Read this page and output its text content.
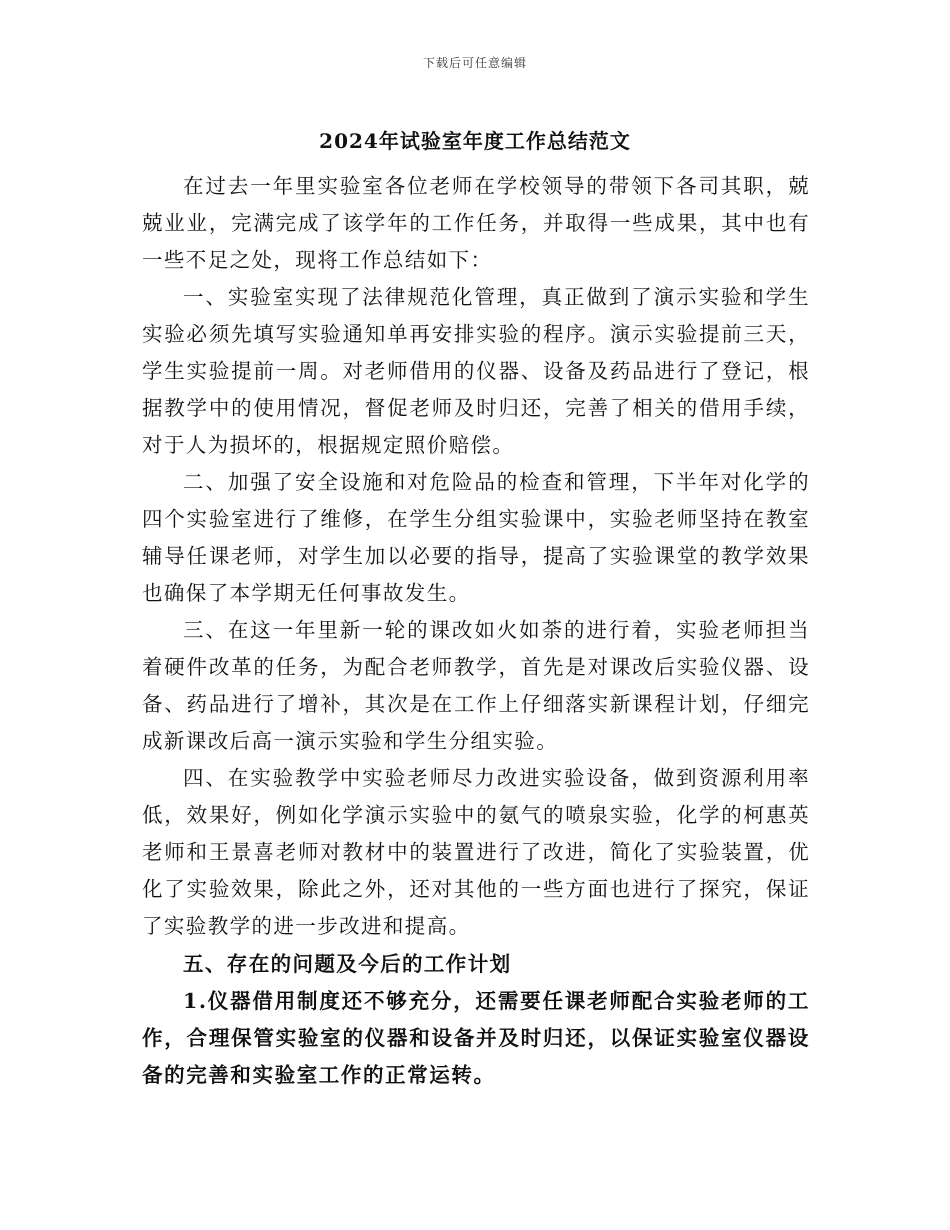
下载后可任意编辑
2024年试验室年度工作总结范文

在过去一年里实验室各位老师在学校领导的带领下各司其职，兢兢业业，完满完成了该学年的工作任务，并取得一些成果，其中也有一些不足之处，现将工作总结如下：

一、实验室实现了法律规范化管理，真正做到了演示实验和学生实验必须先填写实验通知单再安排实验的程序。演示实验提前三天，学生实验提前一周。对老师借用的仪器、设备及药品进行了登记，根据教学中的使用情况，督促老师及时归还，完善了相关的借用手续，对于人为损坏的，根据规定照价赔偿。

二、加强了安全设施和对危险品的检查和管理，下半年对化学的四个实验室进行了维修，在学生分组实验课中，实验老师坚持在教室辅导任课老师，对学生加以必要的指导，提高了实验课堂的教学效果也确保了本学期无任何事故发生。

三、在这一年里新一轮的课改如火如荼的进行着，实验老师担当着硬件改革的任务，为配合老师教学，首先是对课改后实验仪器、设备、药品进行了增补，其次是在工作上仔细落实新课程计划，仔细完成新课改后高一演示实验和学生分组实验。

四、在实验教学中实验老师尽力改进实验设备，做到资源利用率低，效果好，例如化学演示实验中的氨气的喷泉实验，化学的柯惠英老师和王景喜老师对教材中的装置进行了改进，简化了实验装置，优化了实验效果，除此之外，还对其他的一些方面也进行了探究，保证了实验教学的进一步改进和提高。

五、存在的问题及今后的工作计划

1.仪器借用制度还不够充分，还需要任课老师配合实验老师的工作，合理保管实验室的仪器和设备并及时归还，以保证实验室仪器设备的完善和实验室工作的正常运转。
